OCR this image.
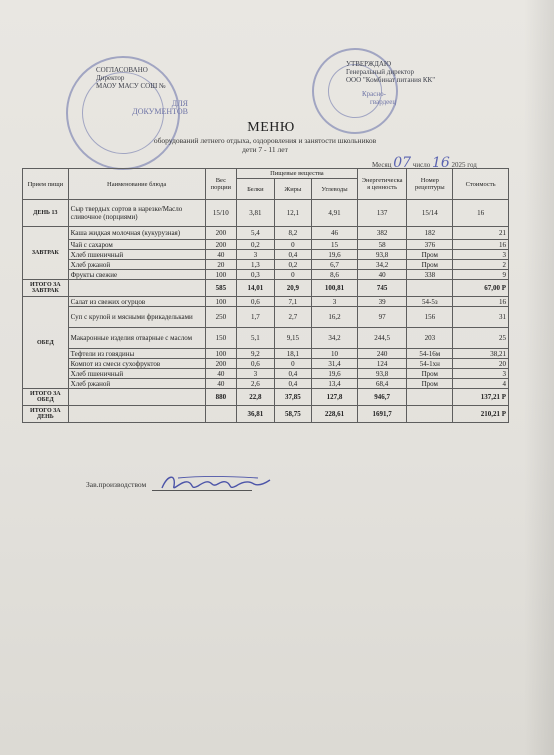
СОГЛАСОВАНО
Директор
МАОУ МАСУ СОШ №
ДЛЯ
ДОКУМЕНТОВ
УТВЕРЖДАЮ
Генеральный директор
ООО "Комбинат питания КК"
Красно-
гвардеец
МЕНЮ
оборудований летнего отдыха, оздоровления и занятости школьников
дети 7 - 11 лет
Месяц 07 число 16 2025 год
Прием пищи	Наименование блюда	Вес порции	Пищевые вещества			Энергетическа я ценность	Номер рецептуры	Стоимость
			Белки	Жиры	Углеводы			
ДЕНЬ 13	Сыр твердых сортов в нарезке/Масло сливочное (порциями)	15/10	3,81	12,1	4,91	137	15/14	16
ЗАВТРАК	Каша жидкая молочная (кукурузная)	200	5,4	8,2	46	382	182	21
	Чай с сахаром	200	0,2	0	15	58	376	16
	Хлеб пшеничный	40	3	0,4	19,6	93,8	Пром	3
	Хлеб ржаной	20	1,3	0,2	6,7	34,2	Пром	2
	Фрукты свежие	100	0,3	0	8,6	40	338	9
ИТОГО ЗА ЗАВТРАК		585	14,01	20,9	100,81	745		67,00 Р
ОБЕД	Салат из свежих огурцов	100	0,6	7,1	3	39	54-5з	16
	Суп с крупой и мясными фрикадельками	250	1,7	2,7	16,2	97	156	31
	Макаронные изделия отварные с маслом	150	5,1	9,15	34,2	244,5	203	25
	Тефтели из говядины	100	9,2	18,1	10	240	54-16м	38,21
	Компот из смеси сухофруктов	200	0,6	0	31,4	124	54-1хн	20
	Хлеб пшеничный	40	3	0,4	19,6	93,8	Пром	3
	Хлеб ржаной	40	2,6	0,4	13,4	68,4	Пром	4
ИТОГО ЗА ОБЕД		880	22,8	37,85	127,8	946,7		137,21 Р
ИТОГО ЗА ДЕНЬ			36,81	58,75	228,61	1691,7		210,21 Р
Зав.производством
